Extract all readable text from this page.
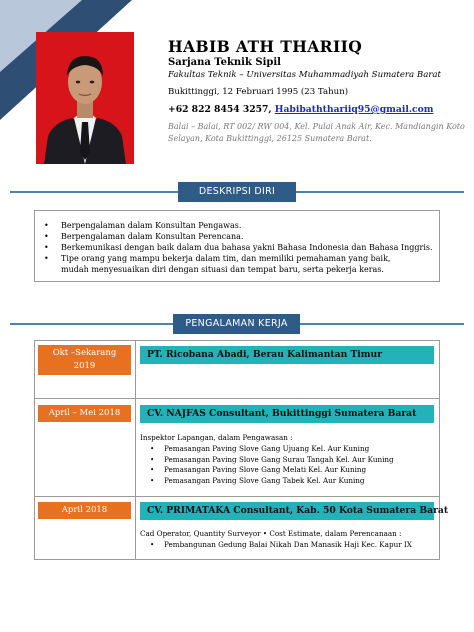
HABIB ATH THARIIQ
Sarjana Teknik Sipil
Fakultas Teknik – Universitas Muhammadiyah Sumatera Barat
Bukittinggi, 12 Februari 1995 (23 Tahun)
+62 822 8454 3257, Habibaththariiq95@gmail.com
Balai – Balai, RT 002/ RW 004, Kel. Pulai Anak Air, Kec. Mandiangin Koto Selayan, Kota Bukittinggi, 26125 Sumatera Barat.
DESKRIPSI DIRI
• Berpengalaman dalam Konsultan Pengawas.
• Berpengalaman dalam Konsultan Perencana.
• Berkemunikasi dengan baik dalam dua bahasa yakni Bahasa Indonesia dan Bahasa Inggris.
• Tipe orang yang mampu bekerja dalam tim, dan memiliki pemahaman yang baik, mudah menyesuaikan diri dengan situasi dan tempat baru, serta pekerja keras.
PENGALAMAN KERJA
Okt –Sekarang
2019
PT. Ricobana Abadi, Berau Kalimantan Timur
April – Mei 2018	CV. NAJFAS Consultant, Bukittinggi Sumatera Barat
Inspektor Lapangan, dalam Pengawasan :
• Pemasangan Paving Slove Gang Ujuang Kel. Aur Kuning
• Pemasangan Paving Slove Gang Surau Tangah Kel. Aur Kuning
• Pemasangan Paving Slove Gang Melati Kel. Aur Kuning
• Pemasangan Paving Slove Gang Tabek Kel. Aur Kuning
April 2018	CV. PRIMATAKA Consultant, Kab. 50 Kota Sumatera Barat
Cad Operator, Quantity Surveyor • Cost Estimate, dalam Perencanaan :
• Pembangunan Gedung Balai Nikah Dan Manasik Haji Kec. Kapur IX
